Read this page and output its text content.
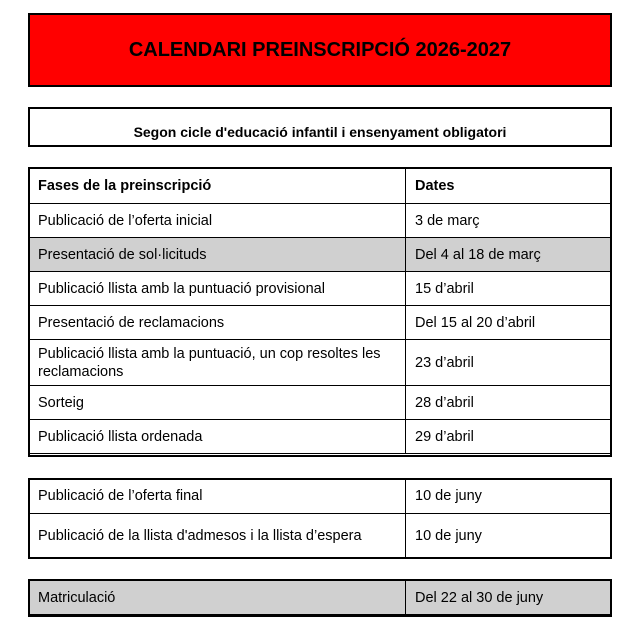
CALENDARI PREINSCRIPCIÓ 2026-2027
Segon cicle d'educació infantil i ensenyament obligatori
Fases de la preinscripció	Dates
Publicació de l’oferta inicial	3 de març
Presentació de sol·licituds	Del 4 al 18 de març
Publicació llista amb la puntuació provisional	15 d’abril
Presentació de reclamacions	Del 15 al 20 d’abril
Publicació llista amb la puntuació, un cop resoltes les reclamacions	23 d’abril
Sorteig	28 d’abril
Publicació llista ordenada	29 d’abril
Publicació de l’oferta final	10 de juny
Publicació de la llista d'admesos i la llista d’espera	10 de juny
Matriculació	Del 22 al 30 de juny
